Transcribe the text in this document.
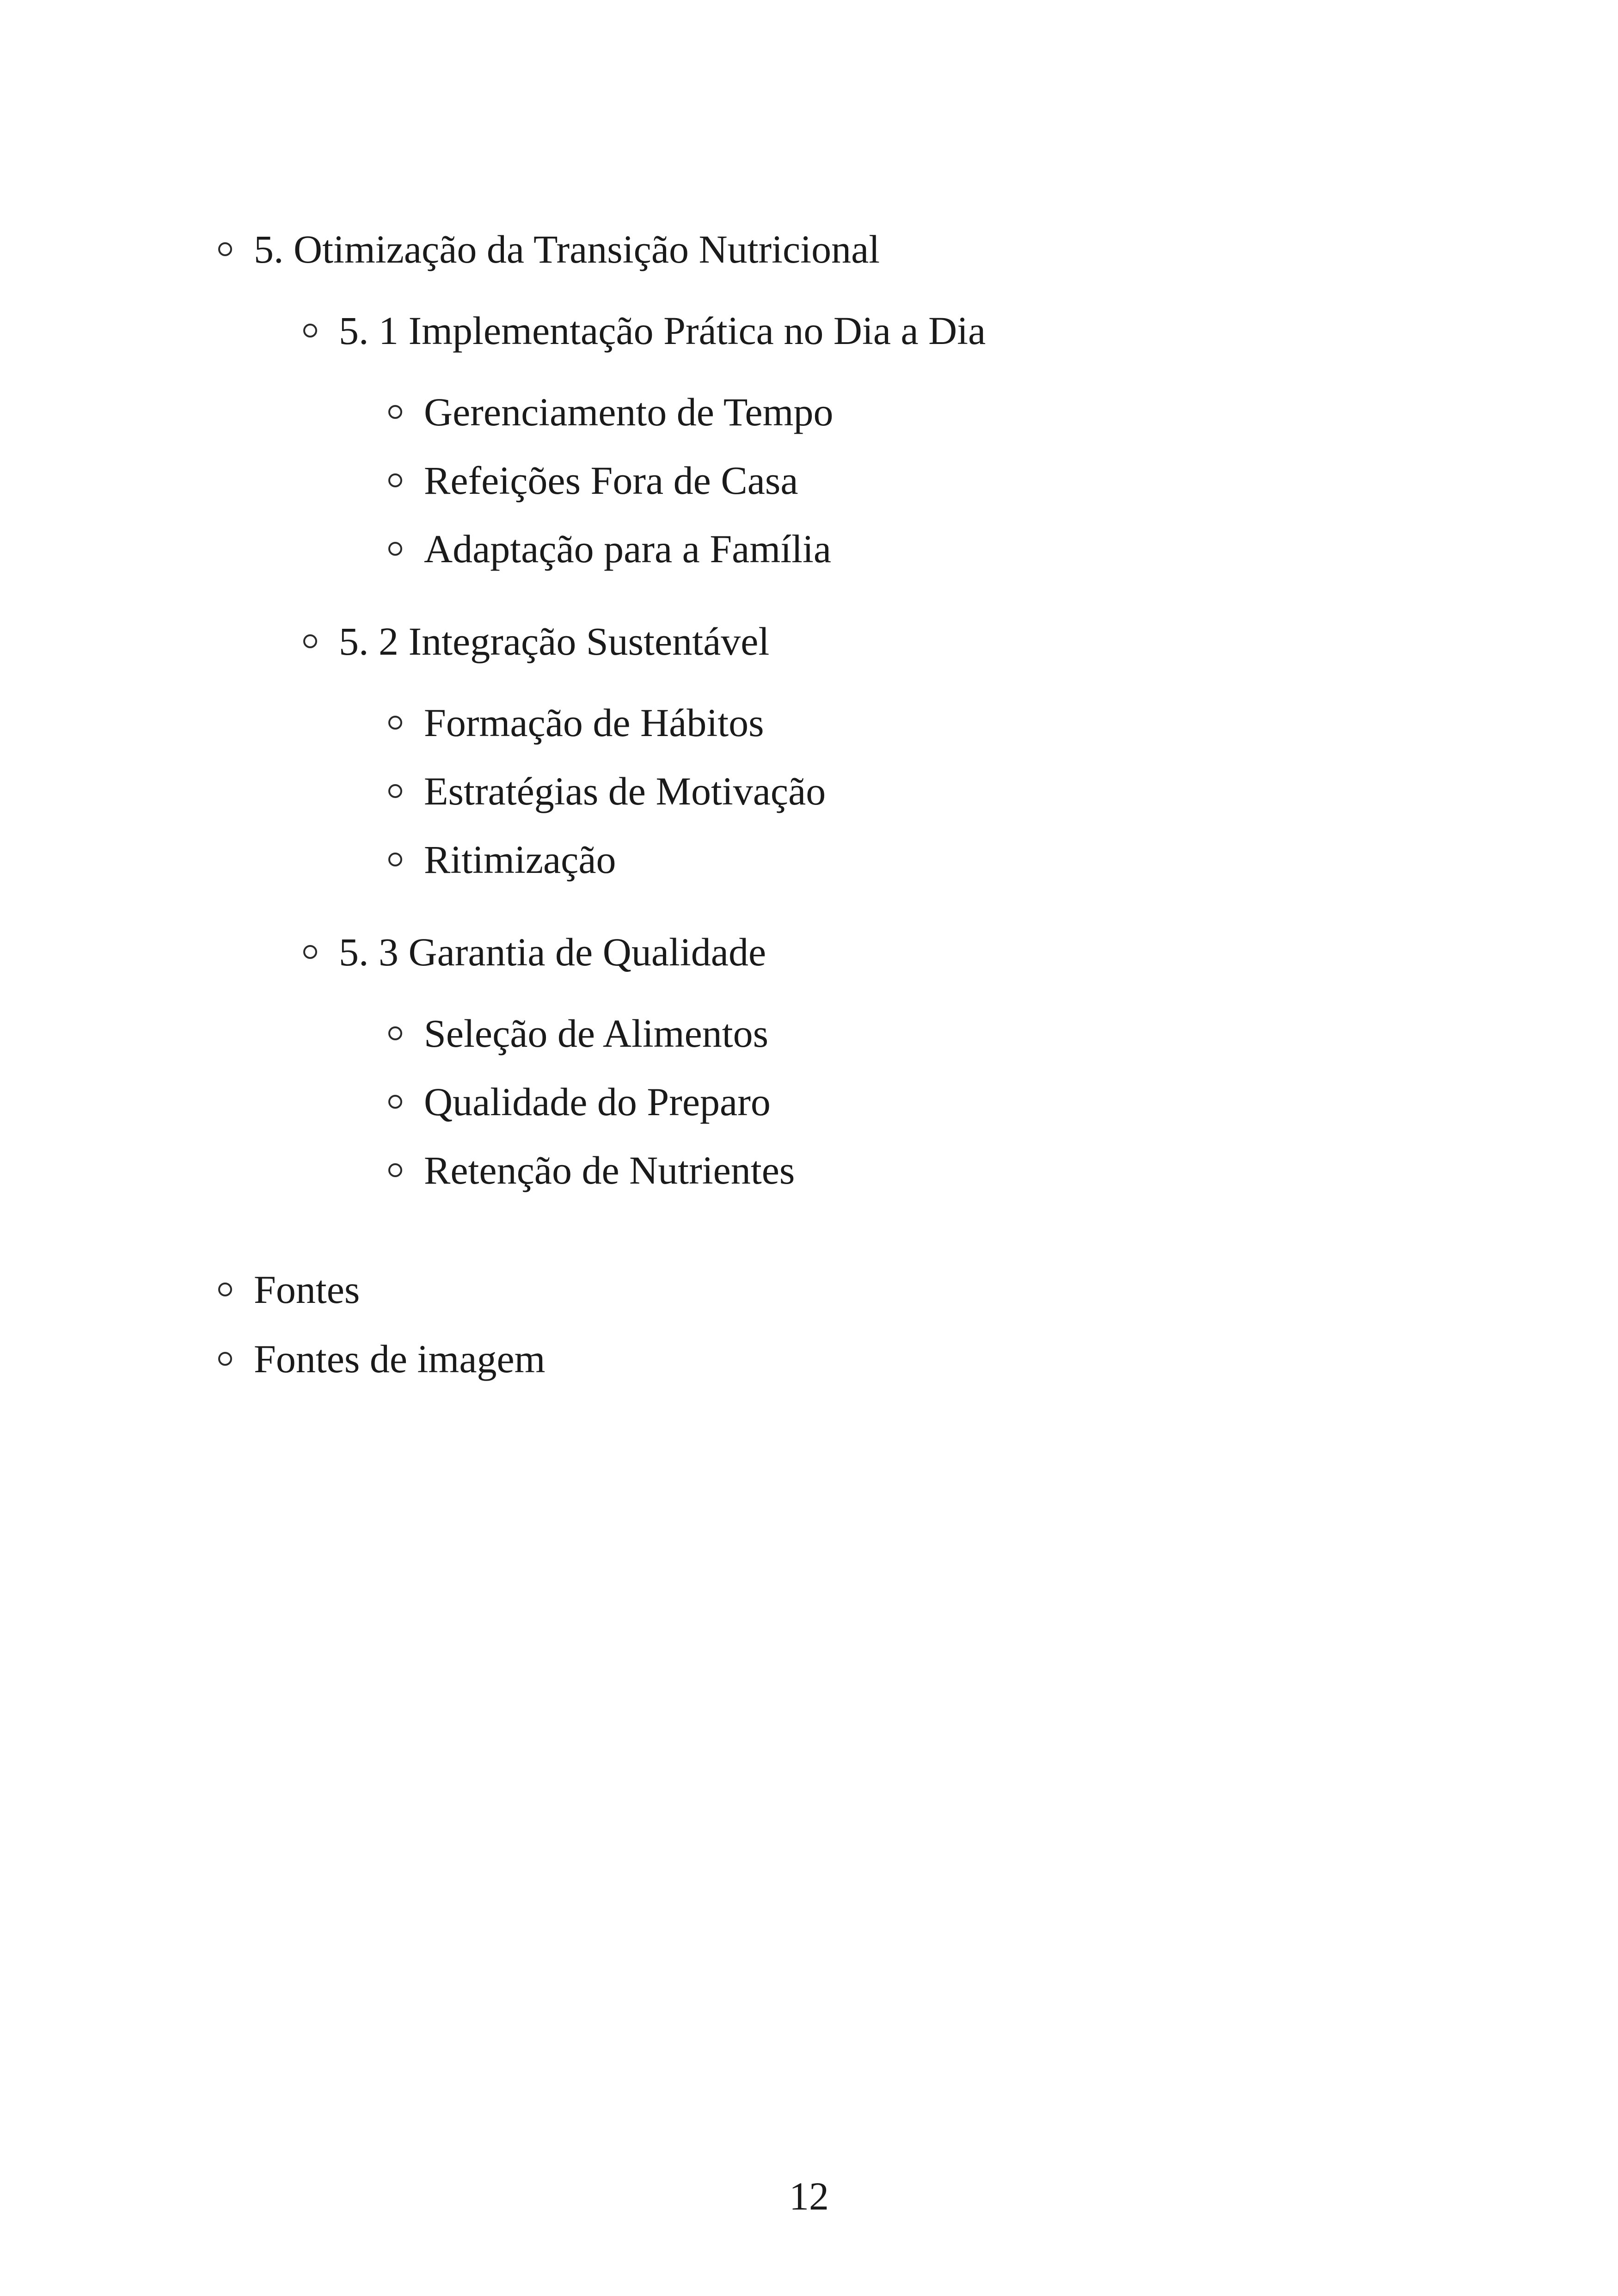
5. Otimização da Transição Nutricional
5. 1 Implementação Prática no Dia a Dia
Gerenciamento de Tempo
Refeições Fora de Casa
Adaptação para a Família
5. 2 Integração Sustentável
Formação de Hábitos
Estratégias de Motivação
Ritimização
5. 3 Garantia de Qualidade
Seleção de Alimentos
Qualidade do Preparo
Retenção de Nutrientes
Fontes
Fontes de imagem
12
